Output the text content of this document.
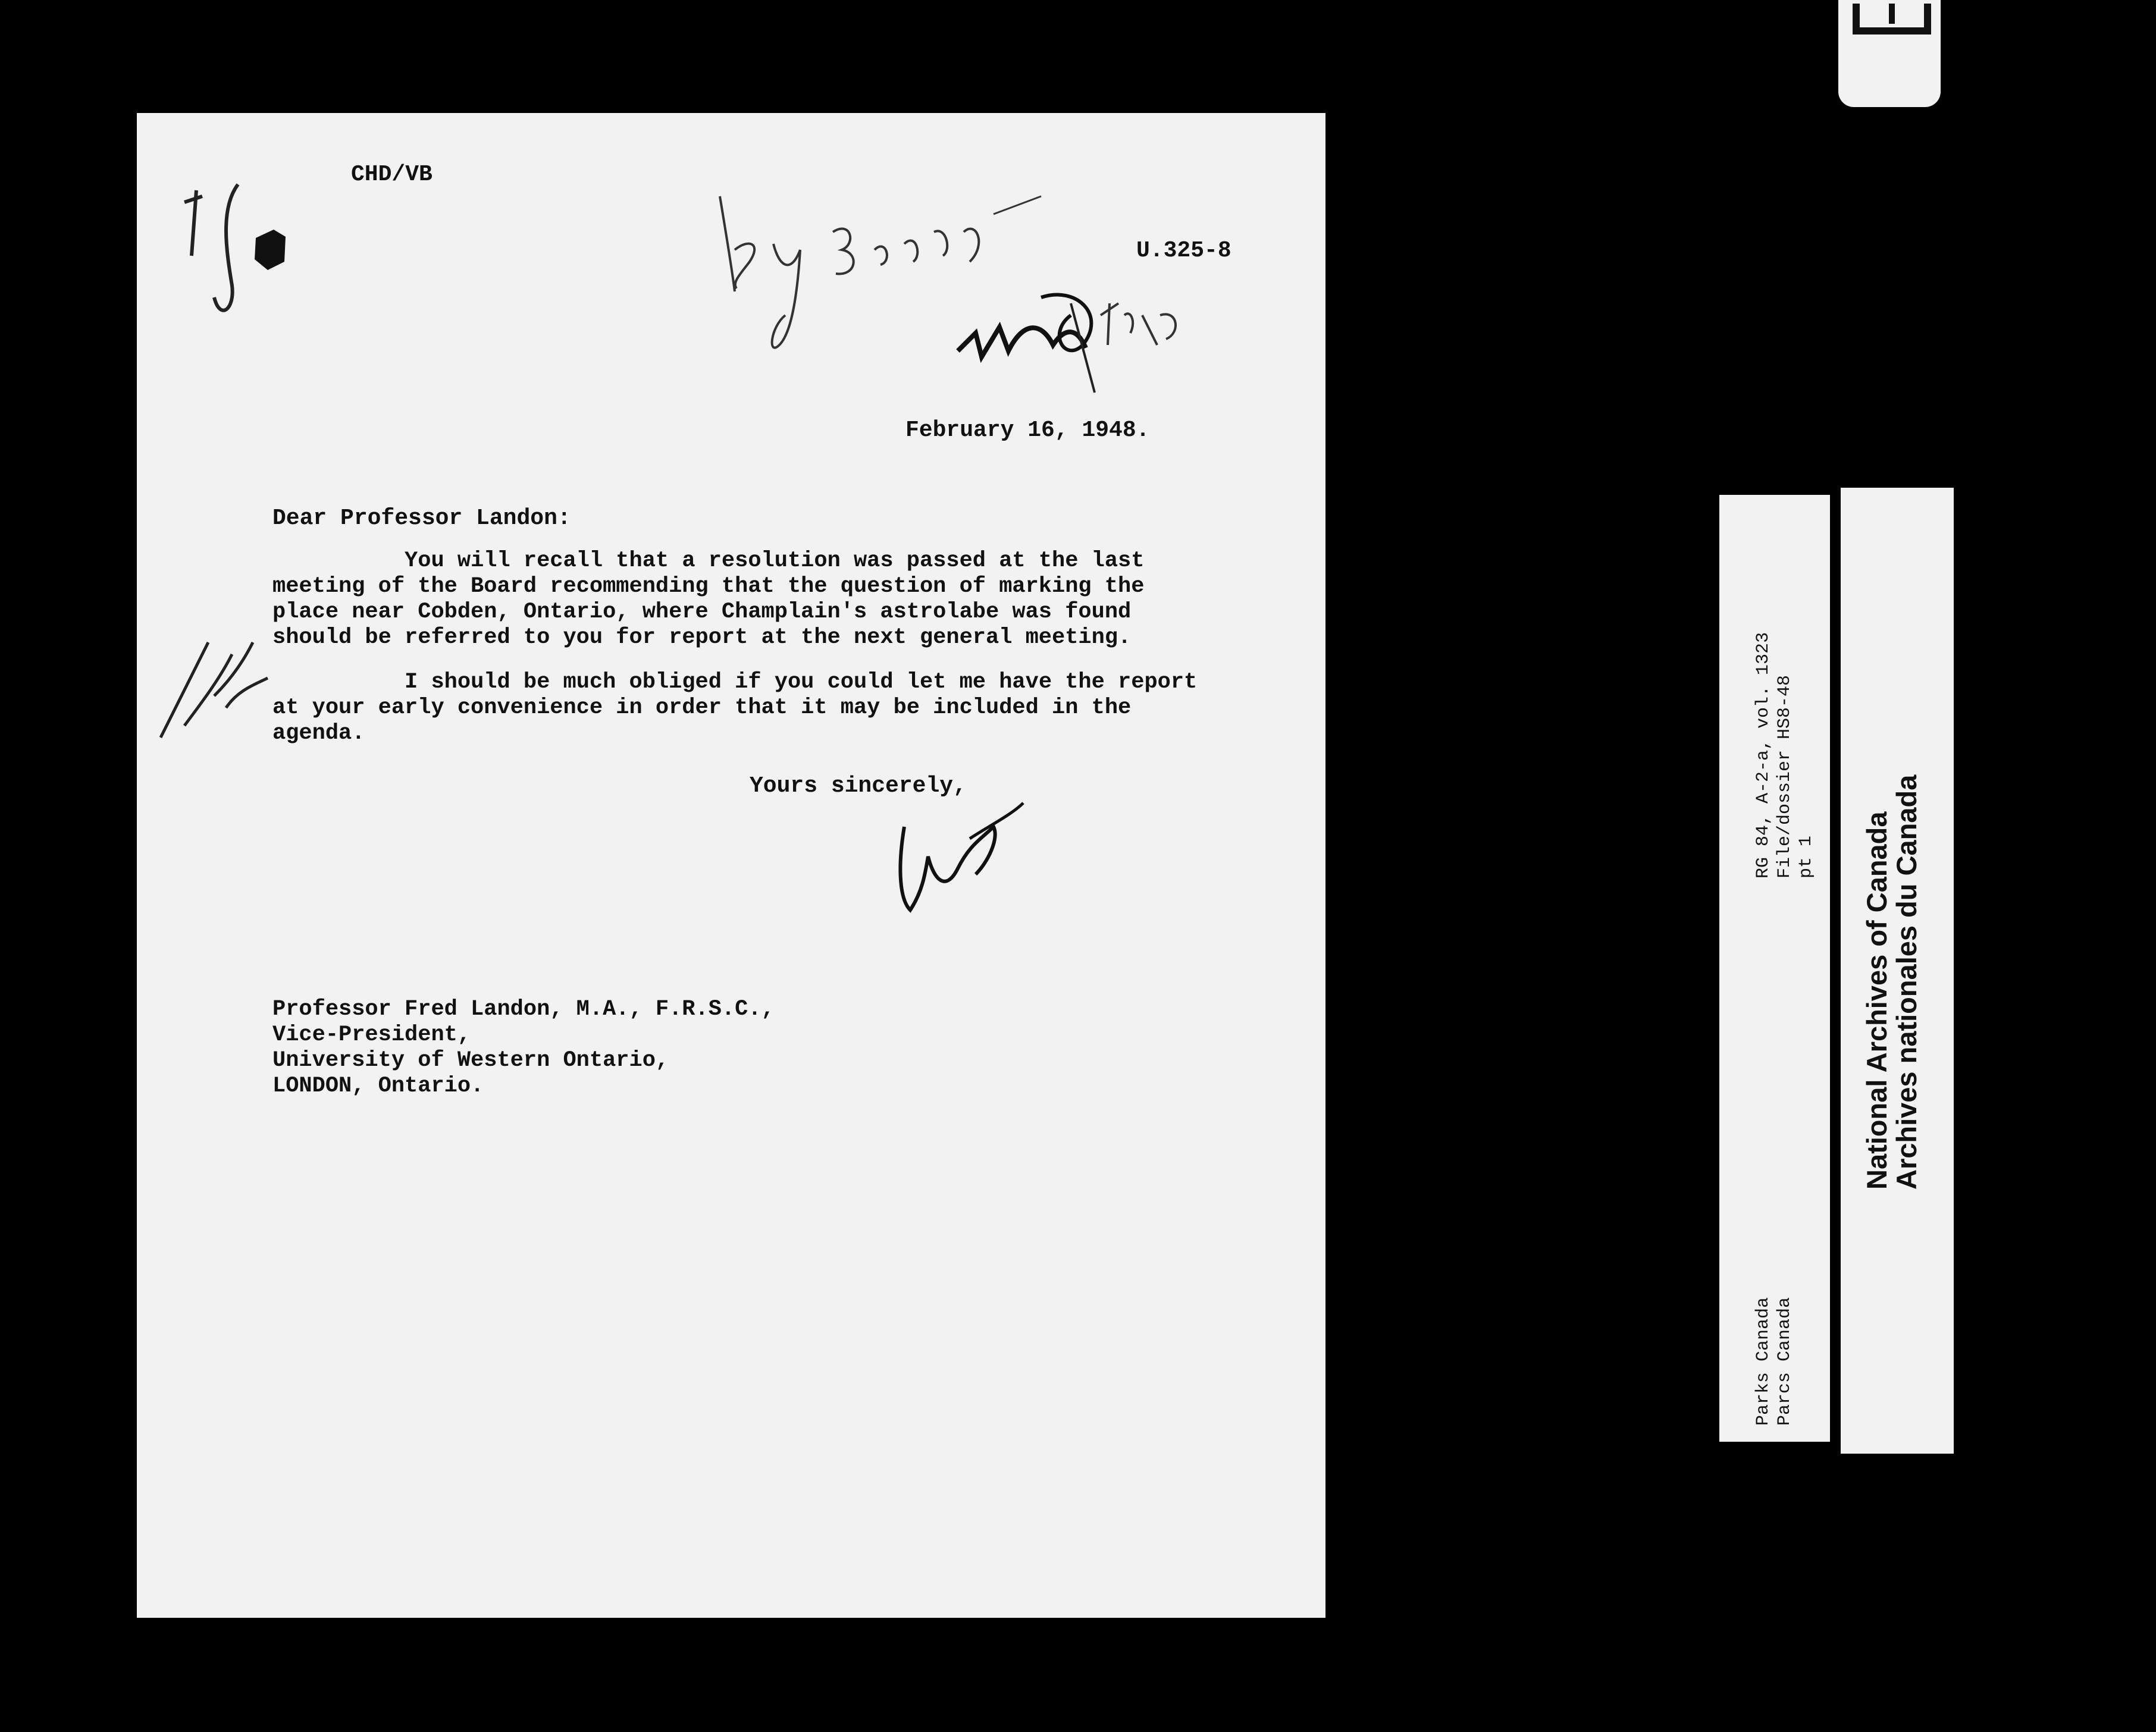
CHD/VB
U.325-8
February 16, 1948.
Dear Professor Landon:
You will recall that a resolution was passed at the last
meeting of the Board recommending that the question of marking the
place near Cobden, Ontario, where Champlain's astrolabe was found
should be referred to you for report at the next general meeting.
I should be much obliged if you could let me have the report
at your early convenience in order that it may be included in the
agenda.
Yours sincerely,
Professor Fred Landon, M.A., F.R.S.C.,
Vice-President,
University of Western Ontario,
LONDON, Ontario.
RG 84, A-2-a, vol. 1323 File/dossier HS8-48 pt 1
Parks Canada Parcs Canada
National Archives of Canada
Archives nationales du Canada
